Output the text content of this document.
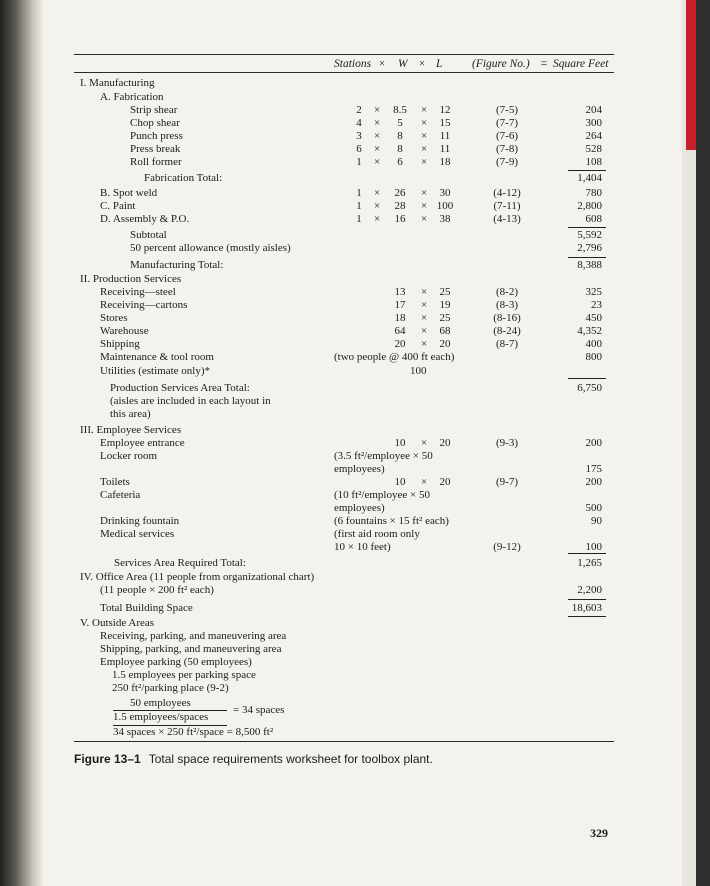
Stations × W × L	(Figure No.) = Square Feet
I. Manufacturing
A. Fabrication
Strip shear	2 ×	8.5	×	12	(7-5)	204
Chop shear	4 ×	5	×	15	(7-7)	300
Punch press	3 ×	8	×	11	(7-6)	264
Press break	6 ×	8	×	11	(7-8)	528
Roll former	1 ×	6	×	18	(7-9)	108
Fabrication Total:	1,404
B. Spot weld	1 ×	26	×	30	(4-12)	780
C. Paint	1 ×	28	× 100	(7-11)	2,800
D. Assembly & P.O.	1 ×	16	×	38	(4-13)	608
Subtotal	5,592
50 percent allowance (mostly aisles)	2,796
Manufacturing Total:	8,388
II. Production Services
Receiving—steel	13	×	25	(8-2)	325
Receiving—cartons	17	×	19	(8-3)	23
Stores	18	×	25	(8-16)	450
Warehouse	64	×	68	(8-24)	4,352
Shipping	20	×	20	(8-7)	400
Maintenance & tool room	(two people @ 400 ft each)	800
Utilities (estimate only)*	100
Production Services Area Total:	6,750
(aisles are included in each layout in
this area)
III. Employee Services
Employee entrance	10	×	20	(9-3)	200
Locker room	(3.5 ft²/employee × 50
employees)	175
Toilets	10	×	20	(9-7)	200
Cafeteria	(10 ft²/employee × 50
employees)	500
Drinking fountain	(6 fountains × 15 ft² each)	90
Medical services	(first aid room only
10 × 10 feet)	(9-12)	100
Services Area Required Total:	1,265
IV. Office Area (11 people from organizational chart)
(11 people × 200 ft² each)	2,200
Total Building Space	18,603
V. Outside Areas
Receiving, parking, and maneuvering area
Shipping, parking, and maneuvering area
Employee parking (50 employees)
1.5 employees per parking space
250 ft²/parking place (9-2)
50 employees
1.5 employees/spaces
= 34 spaces
34 spaces × 250 ft²/space = 8,500 ft²
Figure 13–1 Total space requirements worksheet for toolbox plant.
329
